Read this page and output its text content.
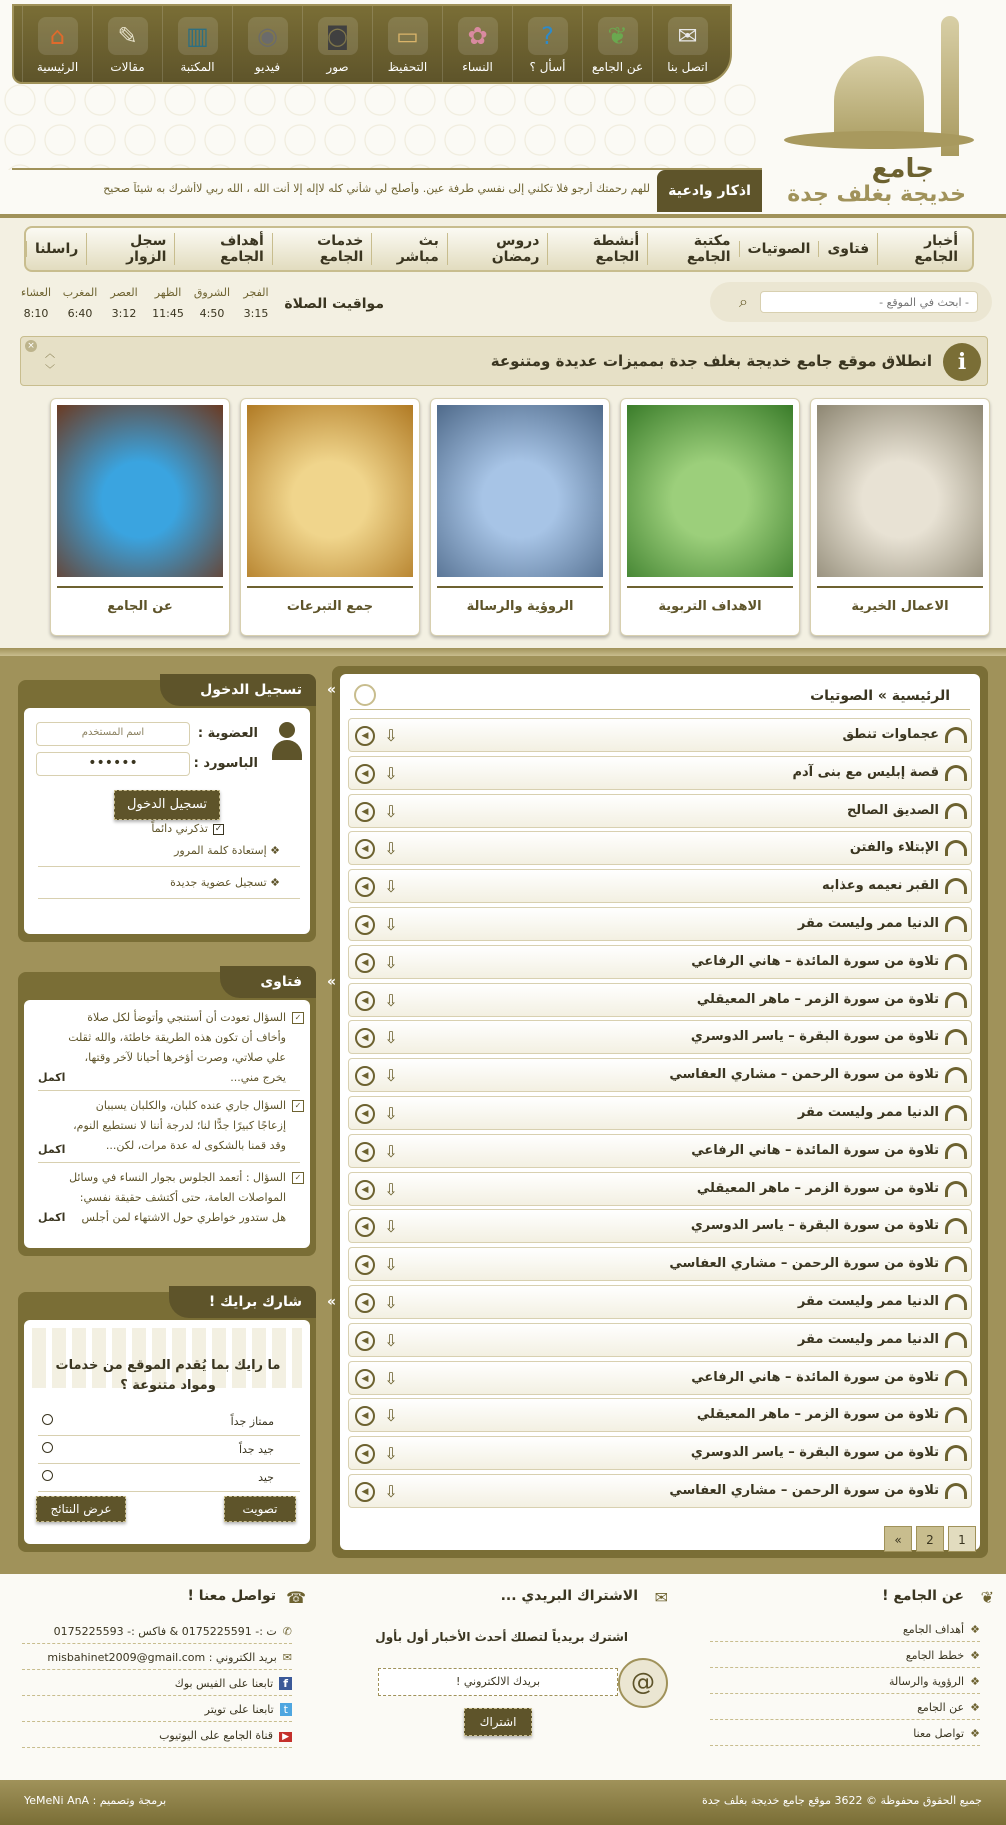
جامع
خديجة بغلف جدة
⌂
الرئيسية
✎
مقالات
▥
المكتبة
◉
فيديو
◙
صور
▭
التحفيظ
✿
النساء
?
أسأل ؟
❦
عن الجامع
✉
اتصل بنا
اذكار وادعية
للهم رحمتك أرجو فلا تكلني إلى نفسي طرفة عين. وأصلح لي شأني كله لاإله إلا أنت الله ، الله ربي لاأشرك به شيئاً صحيح
أخبار الجامع
فتاوى
الصوتيات
مكتبة الجامع
أنشطة الجامع
دروس رمضان
بث مباشر
خدمات الجامع
أهداف الجامع
سجل الزوار
راسلنا
- ابحث في الموقع -
⌕
مواقيت الصلاة
الفجر
الشروق
الظهر
العصر
المغرب
العشاء
3:15
4:50
11:45
3:12
6:40
8:10
i
انطلاق موقع جامع خديجة بغلف جدة بمميزات عديدة ومتنوعة
×
︿
﹀
الاعمال الخيرية
الاهداف التربوية
الروؤية والرسالة
جمع التبرعات
عن الجامع
الرئيسية » الصوتيات
عجماوات تنطق
⇩
◀
قصة إبليس مع بنى آدم
⇩
◀
الصديق الصالح
⇩
◀
الإبتلاء والفتن
⇩
◀
القبر نعيمه وعذابه
⇩
◀
الدنيا ممر وليست مقر
⇩
◀
تلاوة من سورة المائدة – هاني الرفاعي
⇩
◀
تلاوة من سورة الزمر – ماهر المعيقلي
⇩
◀
تلاوة من سورة البقرة – ياسر الدوسري
⇩
◀
تلاوة من سورة الرحمن – مشاري العفاسي
⇩
◀
الدنيا ممر وليست مقر
⇩
◀
تلاوة من سورة المائدة – هاني الرفاعي
⇩
◀
تلاوة من سورة الزمر – ماهر المعيقلي
⇩
◀
تلاوة من سورة البقرة – ياسر الدوسري
⇩
◀
تلاوة من سورة الرحمن – مشاري العفاسي
⇩
◀
الدنيا ممر وليست مقر
⇩
◀
الدنيا ممر وليست مقر
⇩
◀
تلاوة من سورة المائدة – هاني الرفاعي
⇩
◀
تلاوة من سورة الزمر – ماهر المعيقلي
⇩
◀
تلاوة من سورة البقرة – ياسر الدوسري
⇩
◀
تلاوة من سورة الرحمن – مشاري العفاسي
⇩
◀
1
2
»
»
تسجيل الدخول
العضوية :
اسم المستخدم
الباسورد :
••••••
تسجيل الدخول
✓
تذكرني دائماً
❖ إستعادة كلمة المرور
❖ تسجيل عضوية جديدة
»
فتاوى
✓
السؤال تعودت أن أستنجي وأتوضأ لكل صلاة وأخاف أن تكون هذه الطريقة خاطئة، والله ثقلت علي صلاتي، وصرت أؤخرها أحيانا لآخر وقتها، يخرج مني...
اكمل
✓
السؤال جاري عنده كلبان، والكلبان يسببان إزعاجًا كبيرًا جدًّا لنا؛ لدرجة أننا لا نستطيع النوم، وقد قمنا بالشكوى له عدة مرات، لكن...
اكمل
✓
السؤال : أتعمد الجلوس بجوار النساء في وسائل المواصلات العامة، حتى أكتشف حقيقة نفسي: هل ستدور خواطري حول الاشتهاء لمن أجلس
اكمل
»
شارك برايك !
ما رايك بما يُقدم الموقع من خدمات ومواد متنوعة ؟
تصويت
عرض النتائج
ممتاز جداً
جيد جداً
جيد
❦
عن الجامع !
❖أهداف الجامع
❖خطط الجامع
❖الرؤوية والرسالة
❖عن الجامع
❖تواصل معنا
✉
الاشتراك البريدي ...
اشترك بريدياً لتصلك أحدث الأخبار أول بأول
@
بريدك الالكتروني !
اشتراك
☎
تواصل معنا !
✆ت :- 0175225591 & فاكس :- 0175225593
✉بريد الكتروني : misbahinet2009@gmail.com
fتابعنا على الفيس بوك
tتابعنا على تويتر
▶قناة الجامع على اليوتيوب
جميع الحقوق محفوظة © 3622 موقع جامع خديجة بغلف جدة
برمجة وتصميم : YeMeNi AnA
